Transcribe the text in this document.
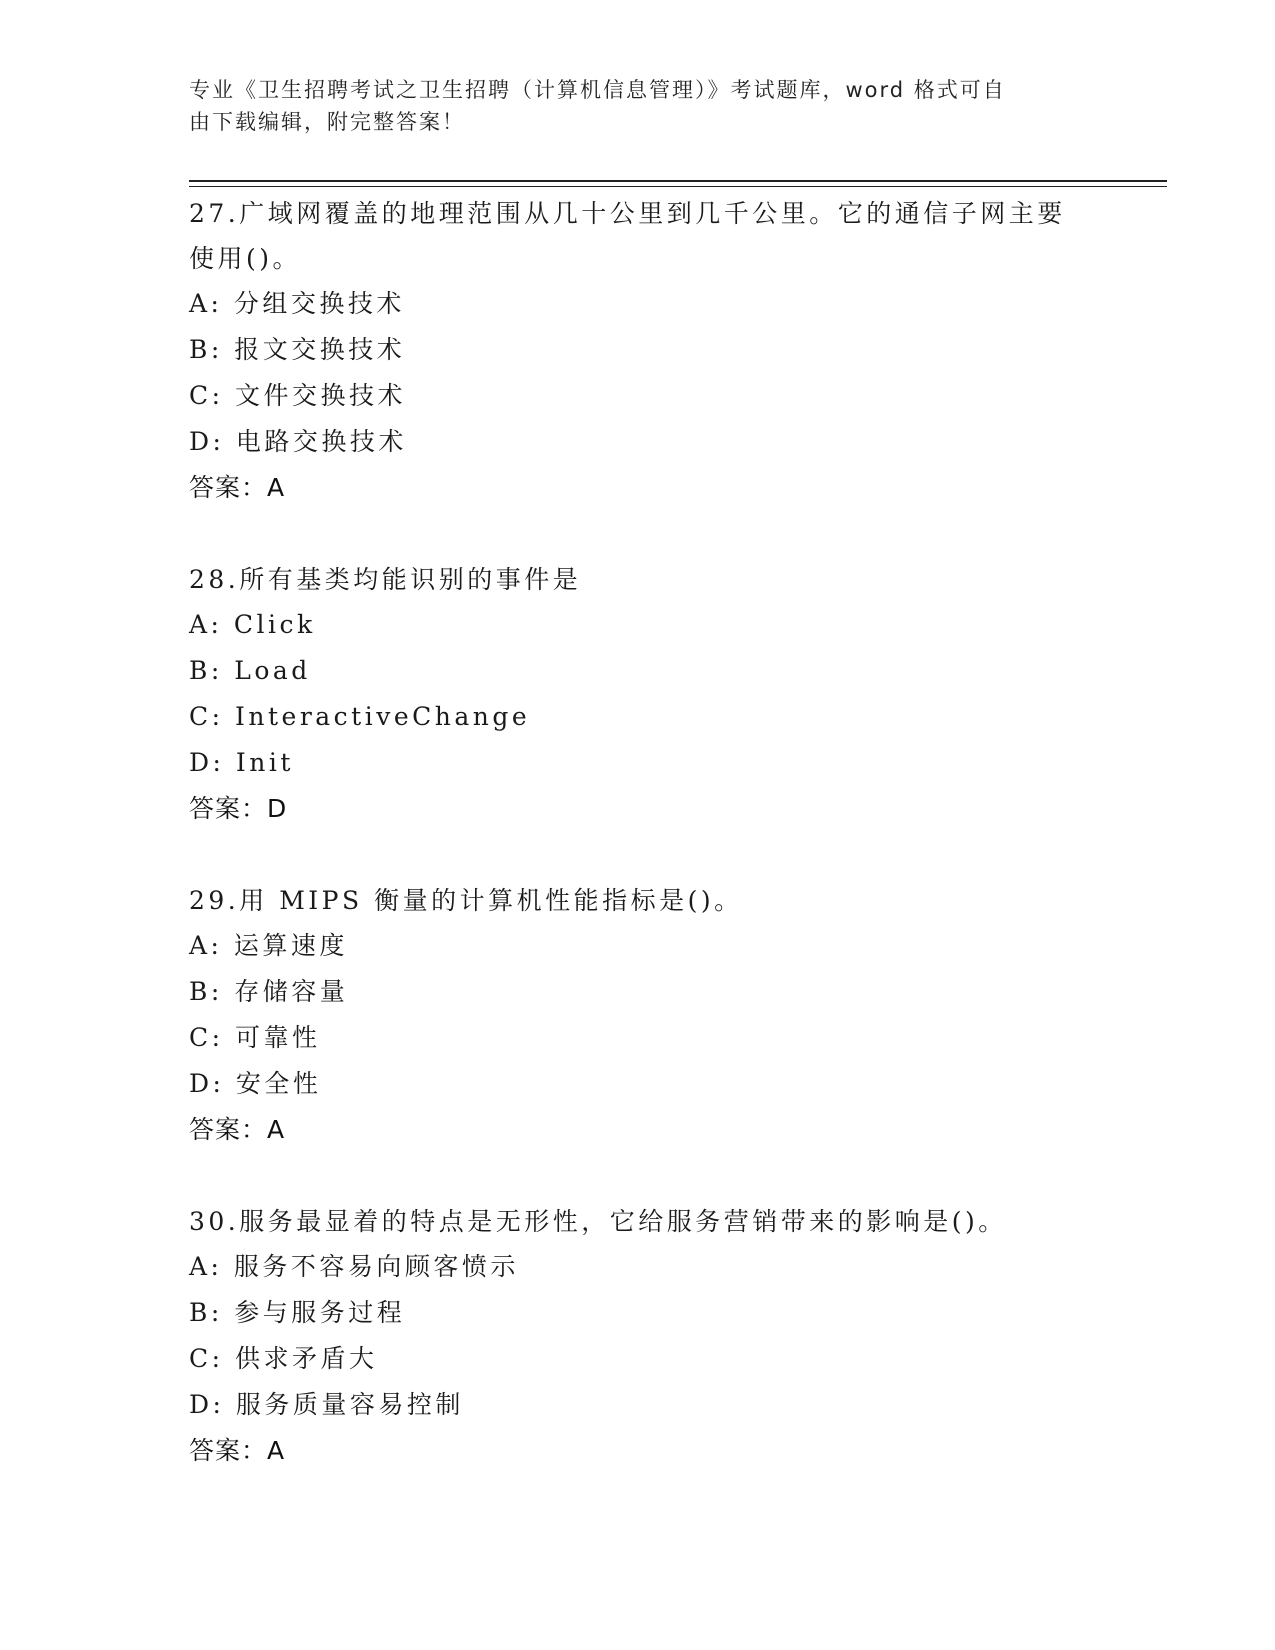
专业《卫生招聘考试之卫生招聘（计算机信息管理）》考试题库，word 格式可自
由下载编辑，附完整答案！

27.广域网覆盖的地理范围从几十公里到几千公里。它的通信子网主要

使用()。

A: 分组交换技术

B: 报文交换技术

C: 文件交换技术

D: 电路交换技术

答案：A

28.所有基类均能识别的事件是

A: Click

B: Load

C: InteractiveChange

D: Init

答案：D

29.用 MIPS 衡量的计算机性能指标是()。

A: 运算速度

B: 存储容量

C: 可靠性

D: 安全性

答案：A

30.服务最显着的特点是无形性，它给服务营销带来的影响是()。

A: 服务不容易向顾客愤示

B: 参与服务过程

C: 供求矛盾大

D: 服务质量容易控制

答案：A
